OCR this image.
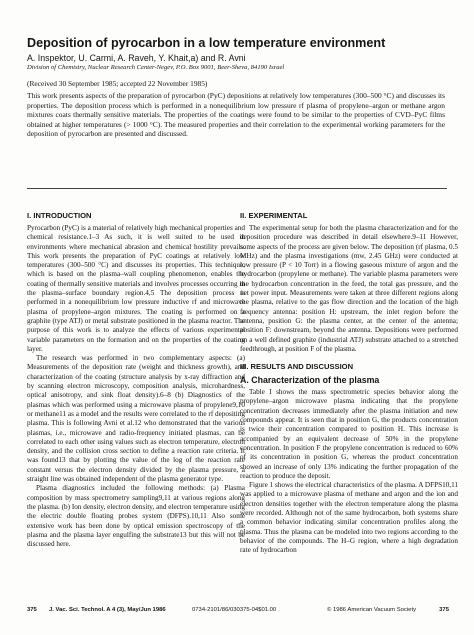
Deposition of pyrocarbon in a low temperature environment
A. Inspektor, U. Carmi, A. Raveh, Y. Khait,a) and R. Avni
Division of Chemistry, Nuclear Research Center-Negev, P.O. Box 9001, Beer-Sheva, 84190 Israel
(Received 30 September 1985; accepted 22 November 1985)
This work presents aspects of the preparation of pyrocarbon (PyC) depositions at relatively low temperatures (300–500 °C) and discusses its properties. The deposition process which is performed in a nonequilibrium low pressure rf plasma of propylene–argon or methane argon mixtures coats thermally sensitive materials. The properties of the coatings were found to be similar to the properties of CVD–PyC films obtained at higher temperatures (> 1000 °C). The measured properties and their correlation to the experimental working parameters for the deposition of pyrocarbon are presented and discussed.
I. INTRODUCTION

Pyrocarbon (PyC) is a material of relatively high mechanical properties and chemical resistance.1–3 As such, it is well suited to be used in environments where mechanical abrasion and chemical hostility prevails. This work presents the preparation of PyC coatings at relatively low temperatures (300–500 °C) and discusses its properties. This technique, which is based on the plasma–wall coupling phenomenon, enables the coating of thermally sensitive materials and involves processes occurring in the plasma–surface boundary region.4,5 The deposition process is performed in a nonequilibrium low pressure inductive rf and microwave plasma of propylene–argon mixtures. The coating is performed on a graphite (type ATJ) or metal substrate positioned in the plasma reactor. The purpose of this work is to analyze the effects of various experimental variable parameters on the formation and on the properties of the coating layer.

The research was performed in two complementary aspects: (a) Measurements of the deposition rate (weight and thickness growth), and characterization of the coating (structure analysis by x-ray diffraction and by scanning electron microscopy, composition analysis, microhardness, optical anisotropy, and sink float density).6–8 (b) Diagnostics of the plasmas which was performed using a microwave plasma of propylene9,10 or methane11 as a model and the results were correlated to the rf depositing plasma. This is following Avni et al.12 who demonstrated that the various plasmas, i.e., microwave and radio-frequency initiated plasmas, can be correlated to each other using values such as electron temperature, electron density, and the collision cross section to define a reaction rate criteria. It was found13 that by plotting the value of the log of the reaction rate constant versus the electron density divided by the plasma pressure, a straight line was obtained independent of the plasma generator type.

Plasma diagnostics included the following methods: (a) Plasma composition by mass spectrometry sampling9,11 at various regions along the plasma. (b) Ion density, electron density, and electron temperature using the electric double floating probes system (DFPS).10,11 Also some extensive work has been done by optical emission spectroscopy of the plasma and the plasma layer engulfing the substrate13 but this will not be discussed here.

II. EXPERIMENTAL

The experimental setup for both the plasma characterization and for the deposition procedure was described in detail elsewhere.9–11 However, some aspects of the process are given below. The deposition (rf plasma, 0.5 MHz) and the plasma investigations (mw, 2.45 GHz) were conducted at low pressure (P < 10 Torr) in a flowing gaseous mixture of argon and the hydrocarbon (propylene or methane). The variable plasma parameters were the hydrocarbon concentration in the feed, the total gas pressure, and the net power input. Measurements were taken at three different regions along the plasma, relative to the gas flow direction and the location of the high frequency antenna: position H: upstream, the inlet region before the antenna, position G: the plasma center, at the center of the antenna; position F: downstream, beyond the antenna. Depositions were performed on a well defined graphite (industrial ATJ) substrate attached to a stretched feedthrough, at position F of the plasma.

III. RESULTS AND DISCUSSION
A. Characterization of the plasma

Table I shows the mass spectrometric species behavior along the propylene–argon microwave plasma indicating that the propylene concentration decreases immediately after the plasma initiation and new compounds appear. It is seen that in position G, the products concentration is twice their concentration compared to position H. This increase is accompanied by an equivalent decrease of 50% in the propylene concentration. In position F the propylene concentration is reduced to 60% of its concentration in position G, whereas the product concentration showed an increase of only 13% indicating the further propagation of the reaction to produce the deposit.

Figure 1 shows the electrical characteristics of the plasma. A DFPS10,11 was applied to a microwave plasma of methane and argon and the ion and electron densities together with the electron temperature along the plasma were recorded. Although not of the same hydrocarbon, both systems share a common behavior indicating similar concentration profiles along the plasma. Thus the plasma can be modeled into two regions according to the behavior of the compounds. The H–G region, where a high degradation rate of hydrocarbon

375 J. Vac. Sci. Technol. A 4 (3), May/Jun 1986	0734-2101/86/030375-04$01.00	© 1986 American Vacuum Society	375
